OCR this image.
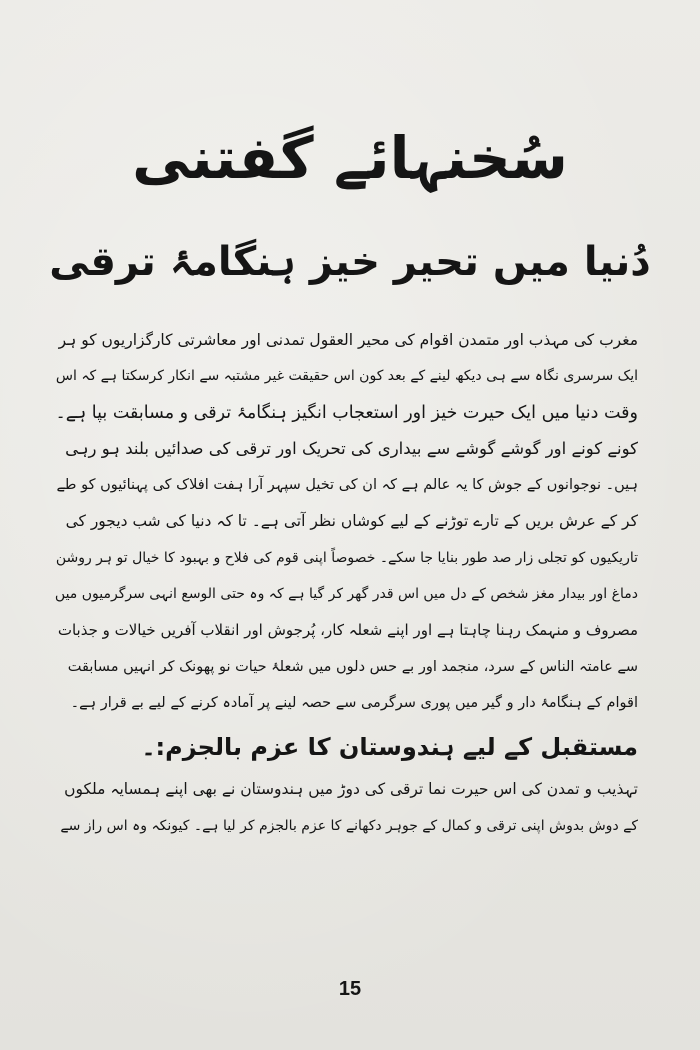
سُخنہائے گفتنی
دُنیا میں تحیر خیز ہنگامۂ ترقی
مغرب کی مہذب اور متمدن اقوام کی محیر العقول تمدنی اور معاشرتی کارگزاریوں کو ہر
ایک سرسری نگاہ سے ہی دیکھ لینے کے بعد کون اس حقیقت غیر مشتبہ سے انکار کرسکتا ہے کہ اس
وقت دنیا میں ایک حیرت خیز اور استعجاب انگیز ہنگامۂ ترقی و مسابقت بپا ہے۔
کونے کونے اور گوشے گوشے سے بیداری کی تحریک اور ترقی کی صدائیں بلند ہو رہی
ہیں۔ نوجوانوں کے جوش کا یہ عالم ہے کہ ان کی تخیل سپہر آرا ہفت افلاک کی پہنائیوں کو طے
کر کے عرش بریں کے تارے توڑنے کے لیے کوشاں نظر آتی ہے۔ تا کہ دنیا کی شب دیجور کی
تاریکیوں کو تجلی زار صد طور بنایا جا سکے۔ خصوصاً اپنی قوم کی فلاح و بہبود کا خیال تو ہر روشن
دماغ اور بیدار مغز شخص کے دل میں اس قدر گھر کر گیا ہے کہ وہ حتی الوسع انہی سرگرمیوں میں
مصروف و منہمک رہنا چاہتا ہے اور اپنے شعلہ کار، پُرجوش اور انقلاب آفریں خیالات و جذبات
سے عامتہ الناس کے سرد، منجمد اور بے حس دلوں میں شعلۂ حیات نو پھونک کر انہیں مسابقت
اقوام کے ہنگامۂ دار و گیر میں پوری سرگرمی سے حصہ لینے پر آمادہ کرنے کے لیے بے قرار ہے۔
مستقبل کے لیے ہندوستان کا عزم بالجزم:۔
تہذیب و تمدن کی اس حیرت نما ترقی کی دوڑ میں ہندوستان نے بھی اپنے ہمسایہ ملکوں
کے دوش بدوش اپنی ترقی و کمال کے جوہر دکھانے کا عزم بالجزم کر لیا ہے۔ کیونکہ وہ اس راز سے
15
